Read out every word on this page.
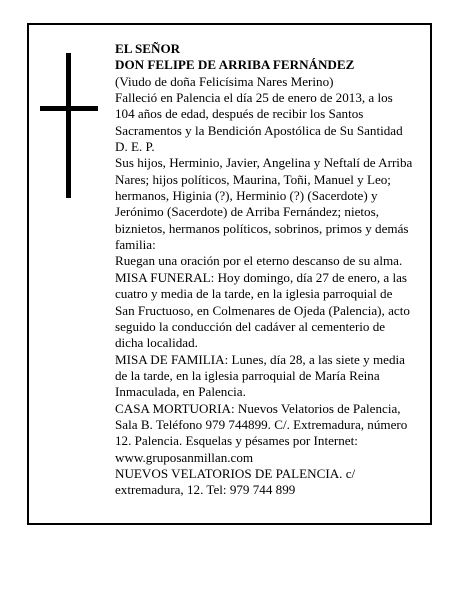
EL SEÑOR

DON FELIPE DE ARRIBA FERNÁNDEZ

(Viudo de doña Felicísima Nares Merino)

Falleció en Palencia el día 25 de enero de 2013, a los 104 años de edad, después de recibir los Santos Sacramentos y la Bendición Apostólica de Su Santidad

D. E. P.

Sus hijos, Herminio, Javier, Angelina y Neftalí de Arriba Nares; hijos políticos, Maurina, Toñi, Manuel y Leo; hermanos, Higinia (?), Herminio (?) (Sacerdote) y Jerónimo (Sacerdote) de Arriba Fernández; nietos, biznietos, hermanos políticos, sobrinos, primos y demás familia:

Ruegan una oración por el eterno descanso de su alma.

MISA FUNERAL: Hoy domingo, día 27 de enero, a las cuatro y media de la tarde, en la iglesia parroquial de San Fructuoso, en Colmenares de Ojeda (Palencia), acto seguido la conducción del cadáver al cementerio de dicha localidad.

MISA DE FAMILIA: Lunes, día 28, a las siete y media de la tarde, en la iglesia parroquial de María Reina Inmaculada, en Palencia.

CASA MORTUORIA: Nuevos Velatorios de Palencia, Sala B. Teléfono 979 744899. C/. Extremadura, número 12. Palencia. Esquelas y pésames por Internet: www.gruposanmillan.com

NUEVOS VELATORIOS DE PALENCIA. c/ extremadura, 12. Tel: 979 744 899
